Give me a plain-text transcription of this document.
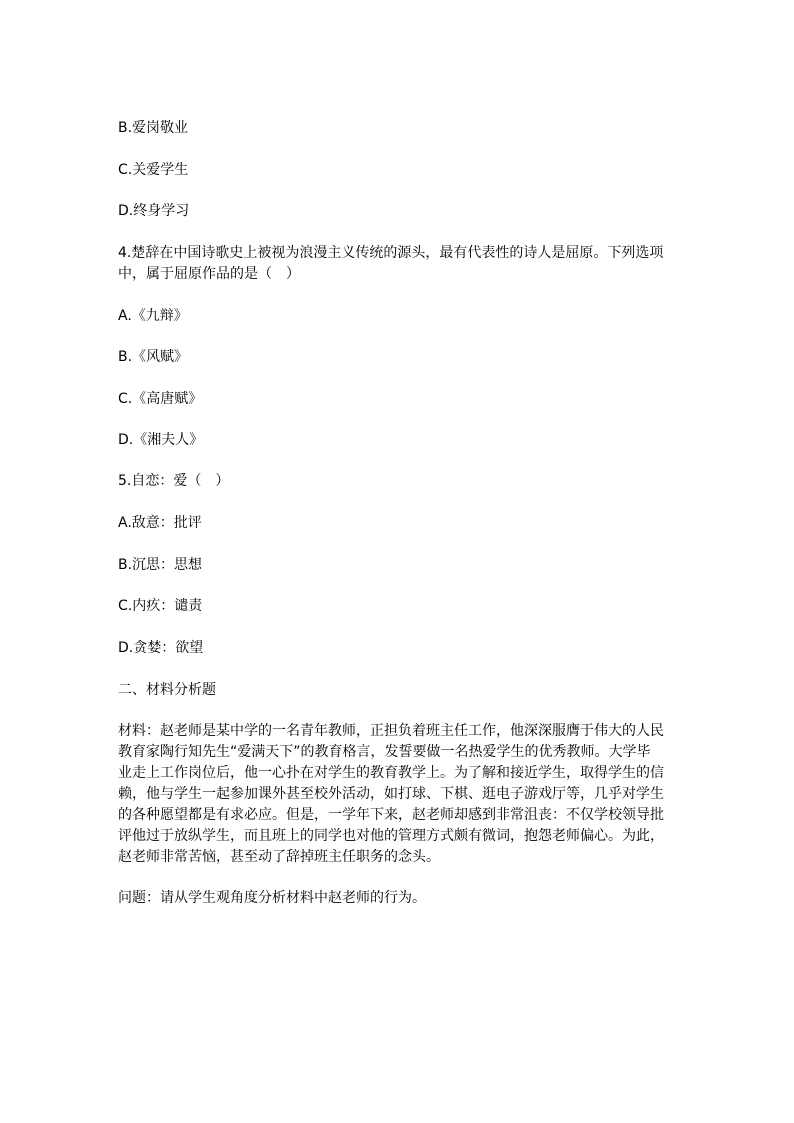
B.爱岗敬业

C.关爱学生

D.终身学习

4.楚辞在中国诗歌史上被视为浪漫主义传统的源头，最有代表性的诗人是屈原。下列选项
中，属于屈原作品的是（　）

A.《九辩》

B.《风赋》

C.《高唐赋》

D.《湘夫人》

5.自恋：爱（　）

A.敌意：批评

B.沉思：思想

C.内疚：谴责

D.贪婪：欲望

二、材料分析题

材料：赵老师是某中学的一名青年教师，正担负着班主任工作，他深深服膺于伟大的人民
教育家陶行知先生“爱满天下”的教育格言，发誓要做一名热爱学生的优秀教师。大学毕
业走上工作岗位后，他一心扑在对学生的教育教学上。为了解和接近学生，取得学生的信
赖，他与学生一起参加课外甚至校外活动，如打球、下棋、逛电子游戏厅等，几乎对学生
的各种愿望都是有求必应。但是，一学年下来，赵老师却感到非常沮丧：不仅学校领导批
评他过于放纵学生，而且班上的同学也对他的管理方式颇有微词，抱怨老师偏心。为此，
赵老师非常苦恼，甚至动了辞掉班主任职务的念头。

问题：请从学生观角度分析材料中赵老师的行为。
